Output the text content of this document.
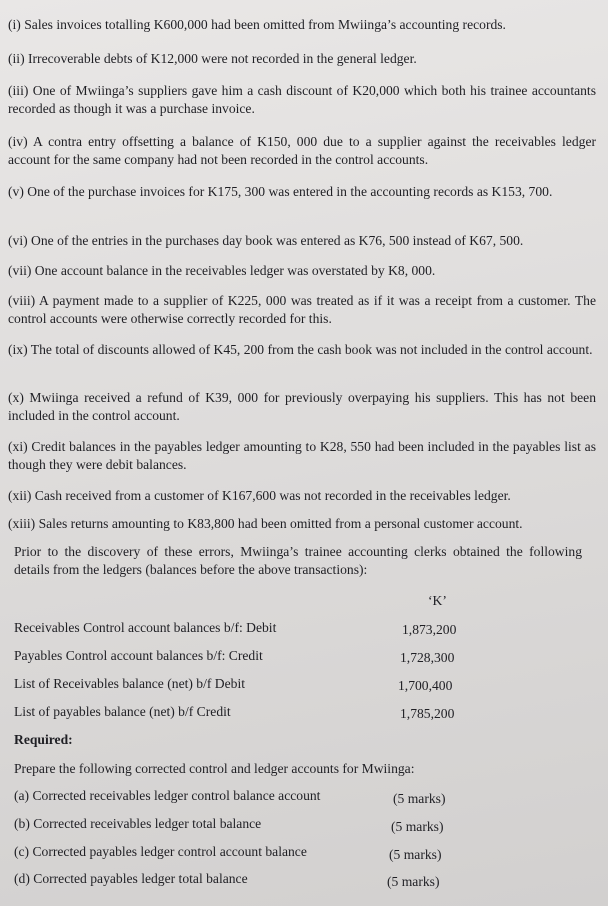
(i) Sales invoices totalling K600,000 had been omitted from Mwiinga’s accounting records.
(ii) Irrecoverable debts of K12,000 were not recorded in the general ledger.
(iii) One of Mwiinga’s suppliers gave him a cash discount of K20,000 which both his trainee accountants recorded as though it was a purchase invoice.
(iv) A contra entry offsetting a balance of K150, 000 due to a supplier against the receivables ledger account for the same company had not been recorded in the control accounts.
(v) One of the purchase invoices for K175, 300 was entered in the accounting records as K153, 700.
(vi) One of the entries in the purchases day book was entered as K76, 500 instead of K67, 500.
(vii) One account balance in the receivables ledger was overstated by K8, 000.
(viii) A payment made to a supplier of K225, 000 was treated as if it was a receipt from a customer. The control accounts were otherwise correctly recorded for this.
(ix) The total of discounts allowed of K45, 200 from the cash book was not included in the control account.
(x) Mwiinga received a refund of K39, 000 for previously overpaying his suppliers. This has not been included in the control account.
(xi) Credit balances in the payables ledger amounting to K28, 550 had been included in the payables list as though they were debit balances.
(xii) Cash received from a customer of K167,600 was not recorded in the receivables ledger.
(xiii) Sales returns amounting to K83,800 had been omitted from a personal customer account.
Prior to the discovery of these errors, Mwiinga’s trainee accounting clerks obtained the following details from the ledgers (balances before the above transactions):
‘K’
Receivables Control account balances b/f: Debit	1,873,200
Payables Control account balances b/f: Credit	1,728,300
List of Receivables balance (net) b/f Debit	1,700,400
List of payables balance (net) b/f Credit	1,785,200
Required:
Prepare the following corrected control and ledger accounts for Mwiinga:
(a) Corrected receivables ledger control balance account	(5 marks)
(b) Corrected receivables ledger total balance	(5 marks)
(c) Corrected payables ledger control account balance	(5 marks)
(d) Corrected payables ledger total balance	(5 marks)
